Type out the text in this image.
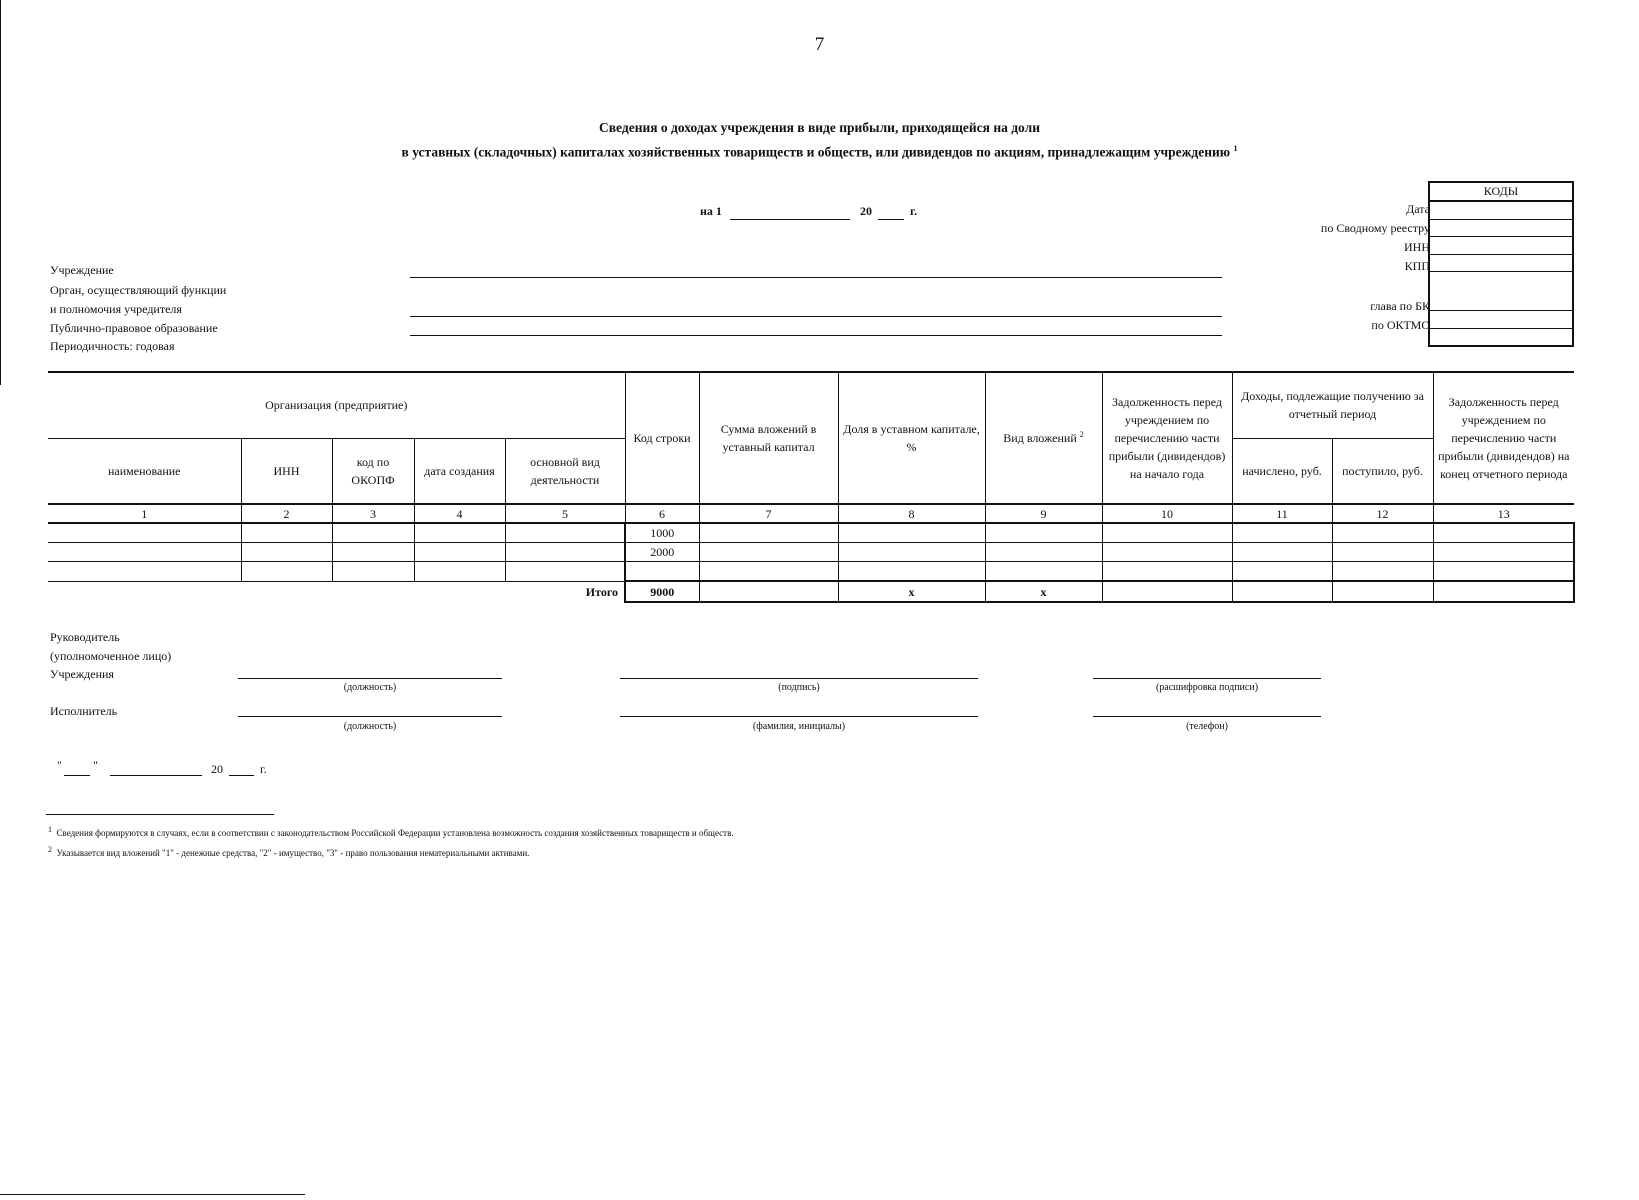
7
Сведения о доходах учреждения в виде прибыли, приходящейся на доли
в уставных (складочных) капиталах хозяйственных товариществ и обществ, или дивидендов по акциям, принадлежащим учреждению $^1$
на 1	20	г.
Учреждение
Орган, осуществляющий функции
и полномочия учредителя
Публично-правовое образование
Периодичность: годовая
Дата
по Сводному реестру
ИНН
КПП
глава по БК
по ОКТМО
КОДЫ

Организация (предприятие)					Код строки	Сумма вложений в уставный капитал	Доля в уставном капитале, %	Вид вложений $^2$	Задолженность перед учреждением по перечислению части прибыли (дивидендов) на начало года	Доходы, подлежащие получению за отчетный период		Задолженность перед учреждением по перечислению части прибыли (дивидендов) на конец отчетного периода
наименование	ИНН	код по ОКОПФ	дата создания	основной вид деятельности						начислено, руб.	поступило, руб.	
1	2	3	4	5	6	7	8	9	10	11	12	13
					1000							
					2000							

Итого					9000		x	x				
Руководитель
(уполномоченное лицо)
Учреждения
(должность)	(подпись)	(расшифровка подписи)
Исполнитель
(должность)	(фамилия, инициалы)	(телефон)
"	"	20	г.
$^1$ Сведения формируются в случаях, если в соответствии с законодательством Российской Федерации установлена возможность создания хозяйственных товариществ и обществ.
$^2$ Указывается вид вложений "1" - денежные средства, "2" - имущество, "3" - право пользования нематериальными активами.
